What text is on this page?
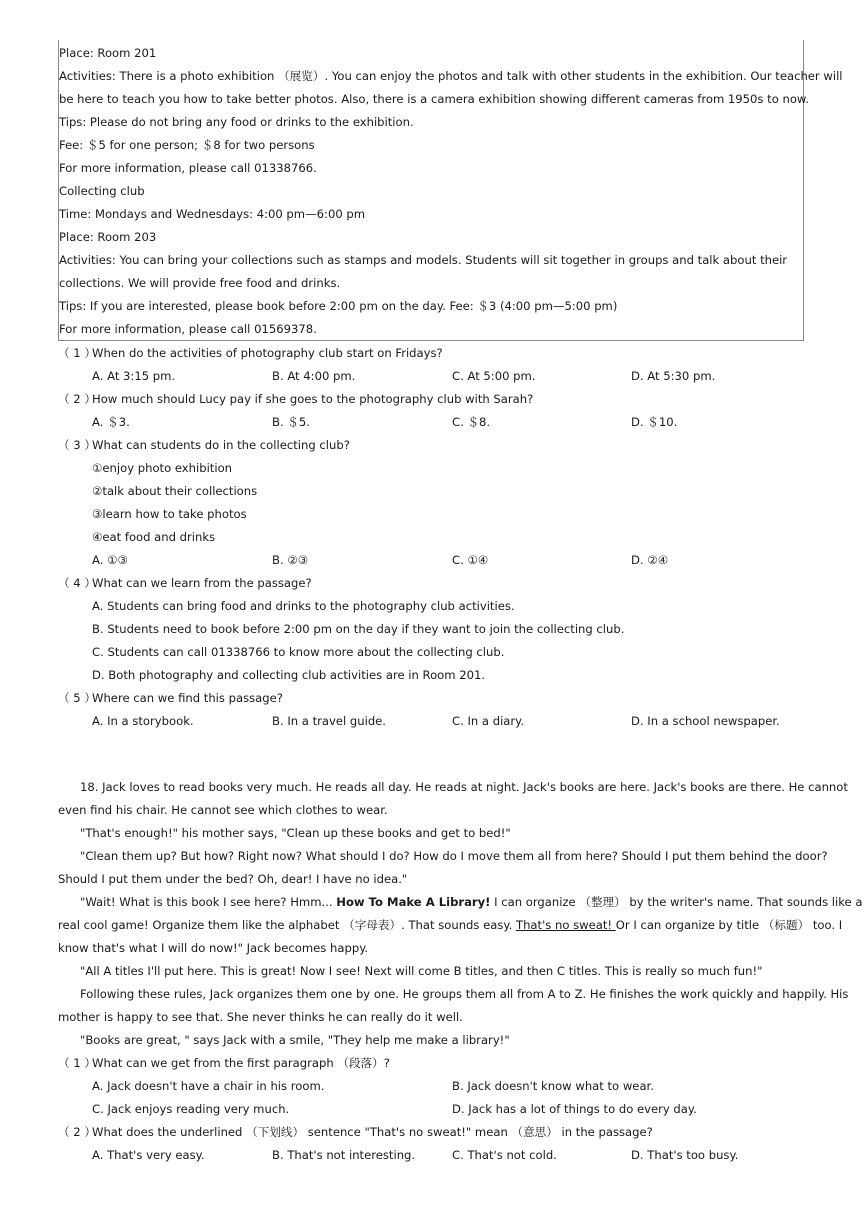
Place: Room 201
Activities: There is a photo exhibition （展览）. You can enjoy the photos and talk with other students in the exhibition. Our teacher will
be here to teach you how to take better photos. Also, there is a camera exhibition showing different cameras from 1950s to now.
Tips: Please do not bring any food or drinks to the exhibition.
Fee: ＄5 for one person; ＄8 for two persons
For more information, please call 01338766.
Collecting club
Time: Mondays and Wednesdays: 4:00 pm—6:00 pm
Place: Room 203
Activities: You can bring your collections such as stamps and models. Students will sit together in groups and talk about their
collections. We will provide free food and drinks.
Tips: If you are interested, please book before 2:00 pm on the day. Fee: ＄3 (4:00 pm—5:00 pm)
For more information, please call 01569378.
（ 1 ）
When do the activities of photography club start on Fridays?
A. At 3:15 pm.	B. At 4:00 pm.	C. At 5:00 pm.	D. At 5:30 pm.
（ 2 ）
How much should Lucy pay if she goes to the photography club with Sarah?
A. ＄3.	B. ＄5.	C. ＄8.	D. ＄10.
（ 3 ）
What can students do in the collecting club?
①enjoy photo exhibition
②talk about their collections
③learn how to take photos
④eat food and drinks
A. ①③	B. ②③	C. ①④	D. ②④
（ 4 ）
What can we learn from the passage?
A. Students can bring food and drinks to the photography club activities.
B. Students need to book before 2:00 pm on the day if they want to join the collecting club.
C. Students can call 01338766 to know more about the collecting club.
D. Both photography and collecting club activities are in Room 201.
（ 5 ）
Where can we find this passage?
A. In a storybook.	B. In a travel guide.	C. In a diary.	D. In a school newspaper.
18. Jack loves to read books very much. He reads all day. He reads at night. Jack's books are here. Jack's books are there. He cannot
even find his chair. He cannot see which clothes to wear.
"That's enough!" his mother says, "Clean up these books and get to bed!"
"Clean them up? But how? Right now? What should I do? How do I move them all from here? Should I put them behind the door?
Should I put them under the bed? Oh, dear! I have no idea."
"Wait! What is this book I see here? Hmm... How To Make A Library! I can organize （整理） by the writer's name. That sounds like a
real cool game! Organize them like the alphabet （字母表）. That sounds easy. That's no sweat! Or I can organize by title （标题） too. I
know that's what I will do now!" Jack becomes happy.
"All A titles I'll put here. This is great! Now I see! Next will come B titles, and then C titles. This is really so much fun!"
Following these rules, Jack organizes them one by one. He groups them all from A to Z. He finishes the work quickly and happily. His
mother is happy to see that. She never thinks he can really do it well.
"Books are great, " says Jack with a smile, "They help me make a library!"
（ 1 ）
What can we get from the first paragraph （段落）?
A. Jack doesn't have a chair in his room.	B. Jack doesn't know what to wear.
C. Jack enjoys reading very much.	D. Jack has a lot of things to do every day.
（ 2 ）
What does the underlined （下划线） sentence "That's no sweat!" mean （意思） in the passage?
A. That's very easy.	B. That's not interesting.	C. That's not cold.	D. That's too busy.
